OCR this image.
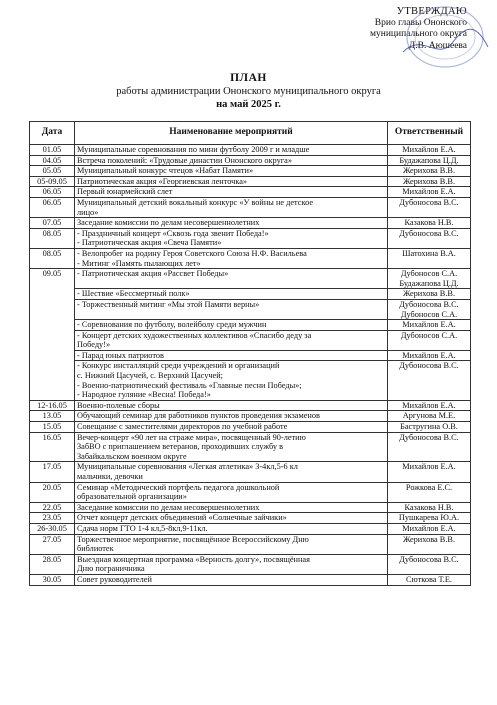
УТВЕРЖДАЮ
Врио главы Ононского
муниципального округа
Д.В. Аюшеева
ПЛАН
работы администрации Ононского муниципального округа
на май 2025 г.
Дата	Наименование мероприятий	Ответственный
01.05	Муниципальные соревнования по мини футболу 2009 г и младше	Михайлов Е.А.

04.05	Встреча поколений: «Трудовые династии Ононского округа»	Будажапова Ц.Д.

05.05	Муниципальный конкурс чтецов «Набат Памяти»	Жерихова В.В.

05-09.05	Патриотическая акция «Георгиевская ленточка»	Жерихова В.В.

06.05	Первый юнармейский слет	Михайлов Е.А.

06.05	Муниципальный детский вокальный конкурс «У войны не детское
лицо»	Дубоносова В.С.

07.05	Заседание комиссии по делам несовершеннолетних	Казакова Н.В.

08.05	- Праздничный концерт «Сквозь года звенит Победа!»
- Патриотическая акция «Свеча Памяти»	Дубоносова В.С.

08.05	- Велопробег на родину Героя Советского Союза Н.Ф. Васильева
- Митинг «Память пылающих лет»	Шатохина В.А.

09.05	- Патриотическая акция «Рассвет Победы»	Дубоносов С.А.
Будажапова Ц.Д.

	- Шествие «Бессмертный полк»	Жерихова В.В.

	- Торжественный митинг «Мы этой Памяти верны»	Дубоносова В.С.
Дубоносов С.А.

	- Соревнования по футболу, волейболу среди мужчин	Михайлов Е.А.

	- Концерт детских художественных коллективов «Спасибо деду за
Победу!»	Дубоносов С.А.

	- Парад юных патриотов	Михайлов Е.А.

	- Конкурс инсталляций среди учреждений и организаций
с. Нижний Цасучей, с. Верхний Цасучей;
- Военно-патриотический фестиваль «Главные песни Победы»;
- Народное гуляние «Весна! Победа!»	Дубоносова В.С.

12-16.05	Военно-полевые сборы	Михайлов Е.А.

13.05	Обучающий семинар для работников пунктов проведения экзаменов	Аргунова М.Е.

15.05	Совещание с заместителями директоров по учебной работе	Бастругина О.В.

16.05	Вечер-концерт «90 лет на страже мира», посвященный 90-летию
ЗабВО с приглашением ветеранов, проходивших службу в
Забайкальском военном округе	Дубоносова В.С.

17.05	Муниципальные соревнования «Легкая атлетика» 3-4кл,5-6 кл
мальчики, девочки	Михайлов Е.А.

20.05	Семинар «Методический портфель педагога дошкольной
образовательной организации»	Рожкова Е.С.

22.05	Заседание комиссии по делам несовершеннолетних	Казакова Н.В.

23.05	Отчет концерт детских объединений «Солнечные зайчики»	Пушкарева Ю.А.

26-30.05	Сдача норм ГТО 1-4 кл,5-8кл,9-11кл.	Михайлов Е.А.

27.05	Торжественное мероприятие, посвящённое Всероссийскому Дню
библиотек	Жерихова В.В.

28.05	Выездная концертная программа «Верность долгу», посвящённая
Дню пограничника	Дубоносова В.С.

30.05	Совет руководителей	Сюткова Т.Е.
